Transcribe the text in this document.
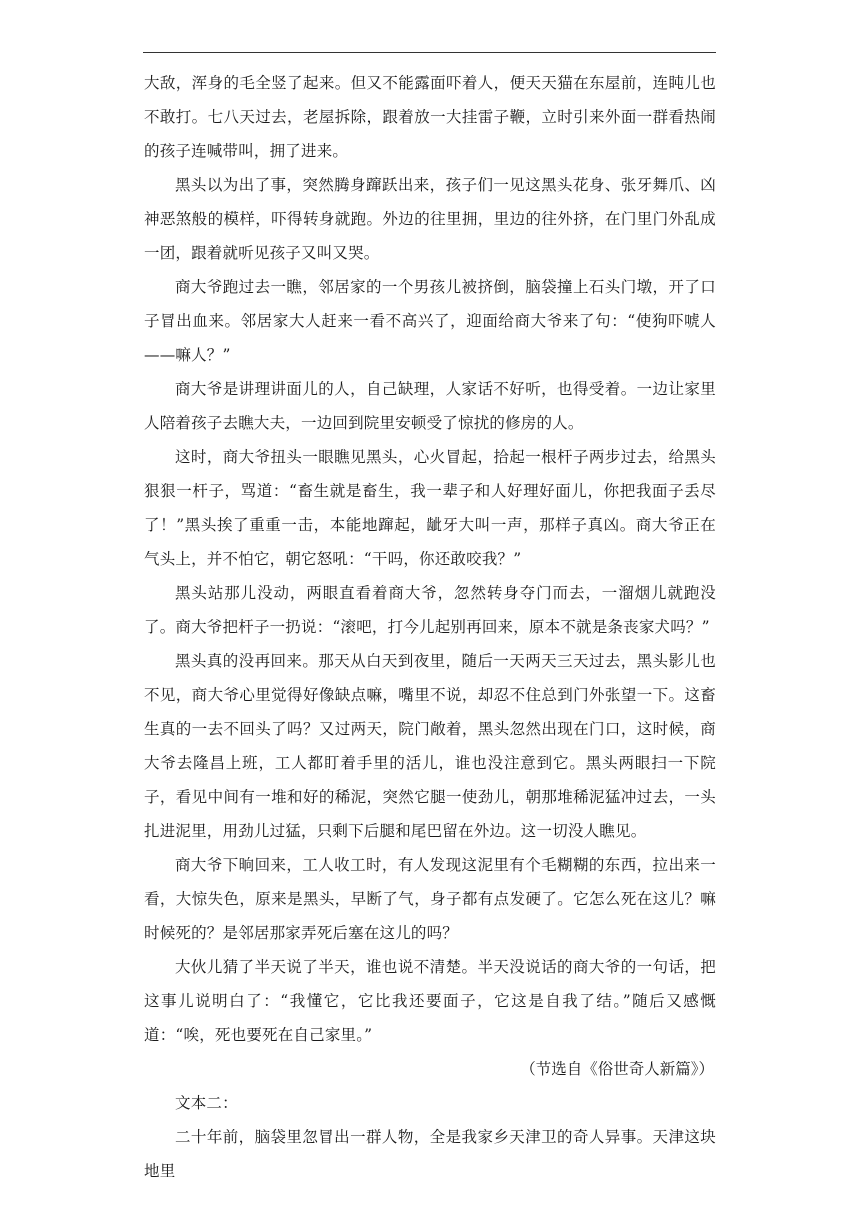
大敌，浑身的毛全竖了起来。但又不能露面吓着人，便天天猫在东屋前，连盹儿也不敢打。七八天过去，老屋拆除，跟着放一大挂雷子鞭，立时引来外面一群看热闹的孩子连喊带叫，拥了进来。

黑头以为出了事，突然腾身蹿跃出来，孩子们一见这黑头花身、张牙舞爪、凶神恶煞般的模样，吓得转身就跑。外边的往里拥，里边的往外挤，在门里门外乱成一团，跟着就听见孩子又叫又哭。

商大爷跑过去一瞧，邻居家的一个男孩儿被挤倒，脑袋撞上石头门墩，开了口子冒出血来。邻居家大人赶来一看不高兴了，迎面给商大爷来了句：“使狗吓唬人——嘛人？”

商大爷是讲理讲面儿的人，自己缺理，人家话不好听，也得受着。一边让家里人陪着孩子去瞧大夫，一边回到院里安顿受了惊扰的修房的人。

这时，商大爷扭头一眼瞧见黑头，心火冒起，拾起一根杆子两步过去，给黑头狠狠一杆子，骂道：“畜生就是畜生，我一辈子和人好理好面儿，你把我面子丢尽了！”黑头挨了重重一击，本能地蹿起，龇牙大叫一声，那样子真凶。商大爷正在气头上，并不怕它，朝它怒吼：“干吗，你还敢咬我？”

黑头站那儿没动，两眼直看着商大爷，忽然转身夺门而去，一溜烟儿就跑没了。商大爷把杆子一扔说：“滚吧，打今儿起别再回来，原本不就是条丧家犬吗？”

黑头真的没再回来。那天从白天到夜里，随后一天两天三天过去，黑头影儿也不见，商大爷心里觉得好像缺点嘛，嘴里不说，却忍不住总到门外张望一下。这畜生真的一去不回头了吗？又过两天，院门敞着，黑头忽然出现在门口，这时候，商大爷去隆昌上班，工人都盯着手里的活儿，谁也没注意到它。黑头两眼扫一下院子，看见中间有一堆和好的稀泥，突然它腿一使劲儿，朝那堆稀泥猛冲过去，一头扎进泥里，用劲儿过猛，只剩下后腿和尾巴留在外边。这一切没人瞧见。

商大爷下晌回来，工人收工时，有人发现这泥里有个毛糊糊的东西，拉出来一看，大惊失色，原来是黑头，早断了气，身子都有点发硬了。它怎么死在这儿？嘛时候死的？是邻居那家弄死后塞在这儿的吗？

大伙儿猜了半天说了半天，谁也说不清楚。半天没说话的商大爷的一句话，把这事儿说明白了：“我懂它，它比我还要面子，它这是自我了结。”随后又感慨道：“唉，死也要死在自己家里。”

（节选自《俗世奇人新篇》）

文本二：

二十年前，脑袋里忽冒出一群人物，全是我家乡天津卫的奇人异事。天津这块地里
